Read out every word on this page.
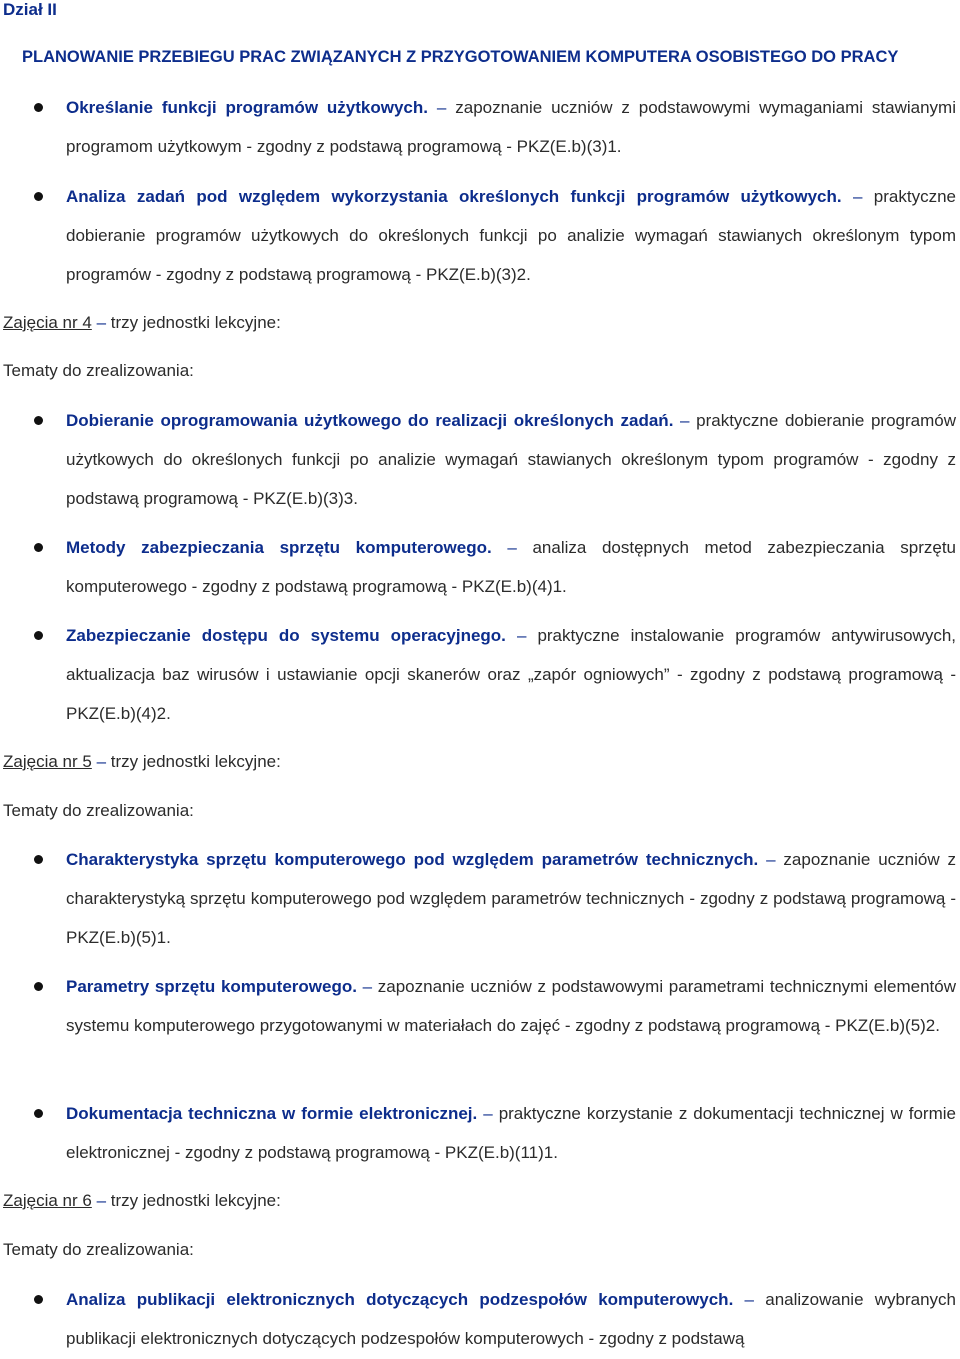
Dział II
PLANOWANIE PRZEBIEGU PRAC ZWIĄZANYCH Z PRZYGOTOWANIEM KOMPUTERA OSOBISTEGO DO PRACY
Określanie funkcji programów użytkowych. – zapoznanie uczniów z podstawowymi wymaganiami stawianymi programom użytkowym - zgodny z podstawą programową - PKZ(E.b)(3)1.
Analiza zadań pod względem wykorzystania określonych funkcji programów użytkowych. – praktyczne dobieranie programów użytkowych do określonych funkcji po analizie wymagań stawianych określonym typom programów - zgodny z podstawą programową - PKZ(E.b)(3)2.
Zajęcia nr 4 – trzy jednostki lekcyjne:
Tematy do zrealizowania:
Dobieranie oprogramowania użytkowego do realizacji określonych zadań. – praktyczne dobieranie programów użytkowych do określonych funkcji po analizie wymagań stawianych określonym typom programów - zgodny z podstawą programową - PKZ(E.b)(3)3.
Metody zabezpieczania sprzętu komputerowego. – analiza dostępnych metod zabezpieczania sprzętu komputerowego - zgodny z podstawą programową - PKZ(E.b)(4)1.
Zabezpieczanie dostępu do systemu operacyjnego. – praktyczne instalowanie programów antywirusowych, aktualizacja baz wirusów i ustawianie opcji skanerów oraz „zapór ogniowych” - zgodny z podstawą programową - PKZ(E.b)(4)2.
Zajęcia nr 5 – trzy jednostki lekcyjne:
Tematy do zrealizowania:
Charakterystyka sprzętu komputerowego pod względem parametrów technicznych. – zapoznanie uczniów z charakterystyką sprzętu komputerowego pod względem parametrów technicznych - zgodny z podstawą programową - PKZ(E.b)(5)1.
Parametry sprzętu komputerowego. – zapoznanie uczniów z podstawowymi parametrami technicznymi elementów systemu komputerowego przygotowanymi w materiałach do zajęć - zgodny z podstawą programową - PKZ(E.b)(5)2.
Dokumentacja techniczna w formie elektronicznej. – praktyczne korzystanie z dokumentacji technicznej w formie elektronicznej - zgodny z podstawą programową - PKZ(E.b)(11)1.
Zajęcia nr 6 – trzy jednostki lekcyjne:
Tematy do zrealizowania:
Analiza publikacji elektronicznych dotyczących podzespołów komputerowych. – analizowanie wybranych publikacji elektronicznych dotyczących podzespołów komputerowych - zgodny z podstawą
